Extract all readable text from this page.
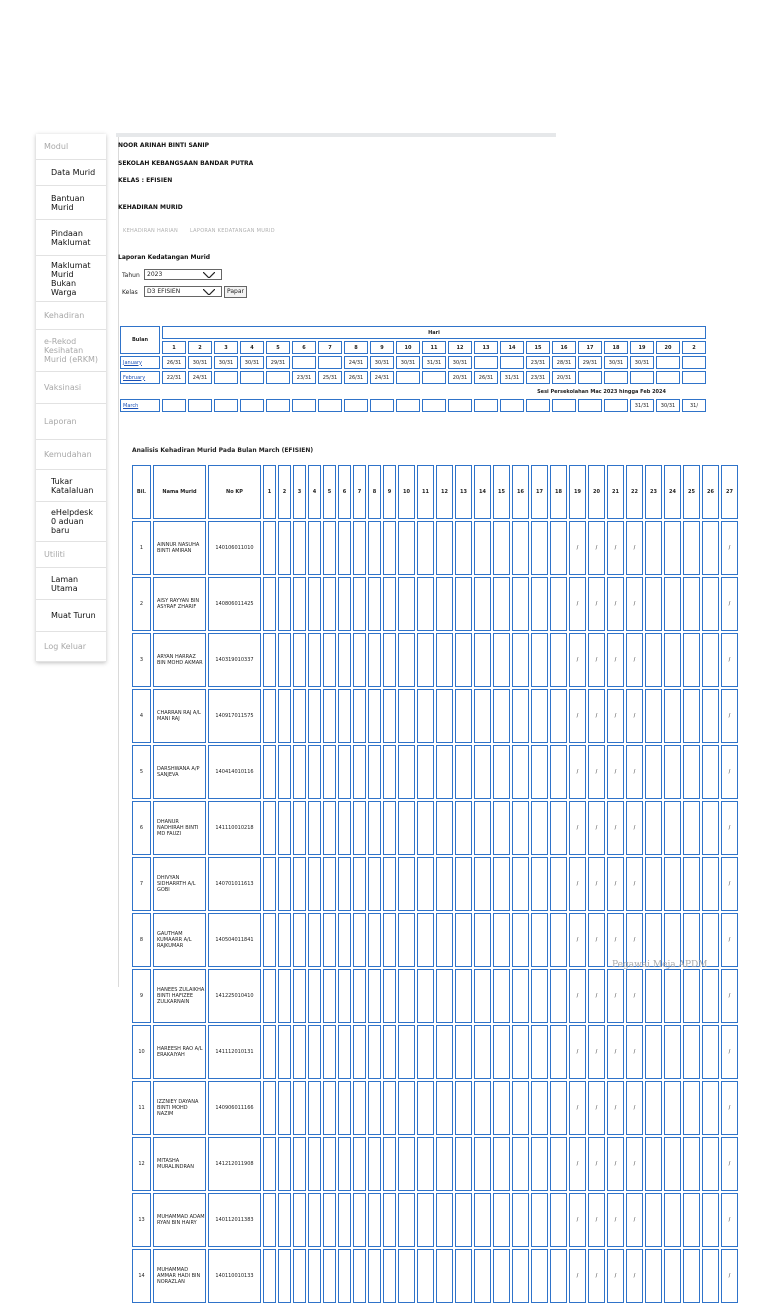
Modul
Data Murid
Bantuan Murid
Pindaan Maklumat
Maklumat Murid Bukan Warga
Kehadiran
e-Rekod Kesihatan Murid (eRKM)
Vaksinasi
Laporan
Kemudahan
Tukar Katalaluan
eHelpdesk 0 aduan baru
Utiliti
Laman Utama
Muat Turun
Log Keluar
NOOR ARINAH BINTI SANIP
SEKOLAH KEBANGSAAN BANDAR PUTRA
KELAS : EFISIEN
KEHADIRAN MURID
KEHADIRAN HARIAN LAPORAN KEDATANGAN MURID
Laporan Kedatangan Murid
Tahun	2023
Kelas	D3 EFISIEN	Papar
Bulan	Hari																				
	1	2	3	4	5	6	7	8	9	10	11	12	13	14	15	16	17	18	19	20	2
January	26/31	30/31	30/31	30/31	29/31			24/31	30/31	30/31	31/31	30/31			23/31	28/31	29/31	30/31	30/31		
February	22/31	24/31				23/31	25/31	26/31	24/31			20/31	26/31	31/31	23/31	20/31					
Sesi Persekolahan Mac 2023 hingga Feb 2024																					
March																			31/31	30/31	31/
Analisis Kehadiran Murid Pada Bulan March (EFISIEN)
Bil.	Nama Murid	No KP	1	2	3	4	5	6	7	8	9	10	11	12	13	14	15	16	17	18	19	20	21	22	23	24	25	26	27
1	AINNUR NASUHA BINTI AMIRAN	140106011010																			/	/	/	/					/
2	AISY RAYYAN BIN ASYRAF ZHARIF	140806011425																			/	/	/	/					/
3	ARYAN HARRAZ BIN MOHD AKMAR	140319010337																			/	/	/	/					/
4	CHARRAN RAJ A/L MANI RAJ	140917011575																			/	/	/	/					/
5	DARSHWANA A/P SANJEVA	140414010116																			/	/	/	/					/
6	DHANUR NADHIRAH BINTI MD FAUZI	141110010218																			/	/	/	/					/
7	DHIVYAN SIDHARRTH A/L GOBI	140701011613																			/	/	/	/					/
8	GAUTHAM KUMAARR A/L RAJKUMAR	140504011841																			/	/	/	/					/
9	HANEES ZULAIKHA BINTI HAFIZEE ZULKARNAIN	141225010410																			/	/	/	/					/
10	HAREESH RAO A/L ERAKAIYAH	141112010131																			/	/	/	/					/
11	IZZNIEY DAYANA BINTI MOHD NAZIM	140906011166																			/	/	/	/					/
12	MITASHA MURALINDRAN	141212011908																			/	/	/	/					/
13	MUHAMMAD ADAM RYAN BIN HAIRY	140112011383																			/	/	/	/					/
14	MUHAMMAD AMMAR HADI BIN NORAZLAN	140110010133																			/	/	/	/					/
Pegawai Meja APDM
